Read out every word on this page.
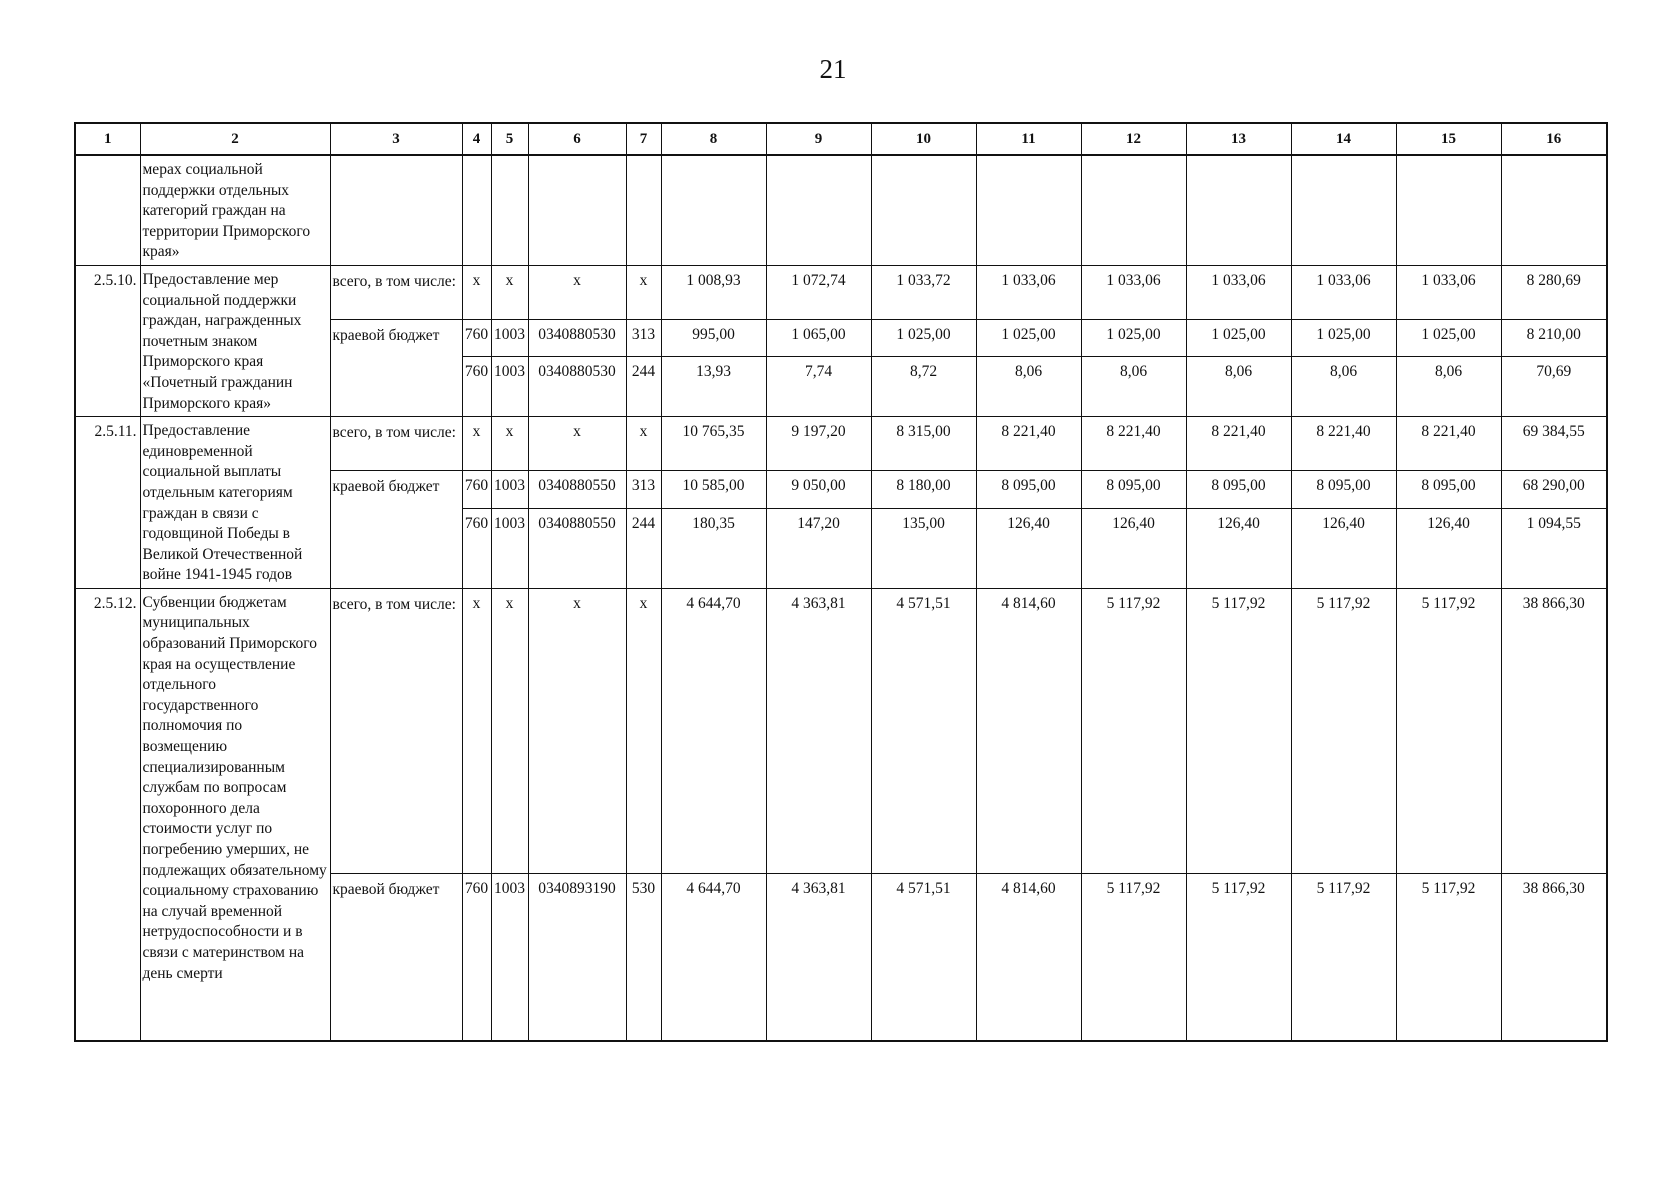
21
1	2	3	4	5	6	7	8	9	10	11	12	13	14	15	16
	мерах социальной поддержки отдельных категорий граждан на территории Приморского края»														
2.5.10.	Предоставление мер социальной поддержки граждан, награжденных почетным знаком Приморского края «Почетный гражданин Приморского края»	всего, в том числе:	x	x	x	x	1 008,93	1 072,74	1 033,72	1 033,06	1 033,06	1 033,06	1 033,06	1 033,06	8 280,69
		краевой бюджет	760	1003	0340880530	313	995,00	1 065,00	1 025,00	1 025,00	1 025,00	1 025,00	1 025,00	1 025,00	8 210,00
			760	1003	0340880530	244	13,93	7,74	8,72	8,06	8,06	8,06	8,06	8,06	70,69
2.5.11.	Предоставление единовременной социальной выплаты отдельным категориям граждан в связи с годовщиной Победы в Великой Отечественной войне 1941-1945 годов	всего, в том числе:	x	x	x	x	10 765,35	9 197,20	8 315,00	8 221,40	8 221,40	8 221,40	8 221,40	8 221,40	69 384,55
		краевой бюджет	760	1003	0340880550	313	10 585,00	9 050,00	8 180,00	8 095,00	8 095,00	8 095,00	8 095,00	8 095,00	68 290,00
			760	1003	0340880550	244	180,35	147,20	135,00	126,40	126,40	126,40	126,40	126,40	1 094,55
2.5.12.	Субвенции бюджетам муниципальных образований Приморского края на осуществление отдельного государственного полномочия по возмещению специализированным службам по вопросам похоронного дела стоимости услуг по погребению умерших, не подлежащих обязательному социальному страхованию на случай временной нетрудоспособности и в связи с материнством на день смерти	всего, в том числе:	x	x	x	x	4 644,70	4 363,81	4 571,51	4 814,60	5 117,92	5 117,92	5 117,92	5 117,92	38 866,30
		краевой бюджет	760	1003	0340893190	530	4 644,70	4 363,81	4 571,51	4 814,60	5 117,92	5 117,92	5 117,92	5 117,92	38 866,30
